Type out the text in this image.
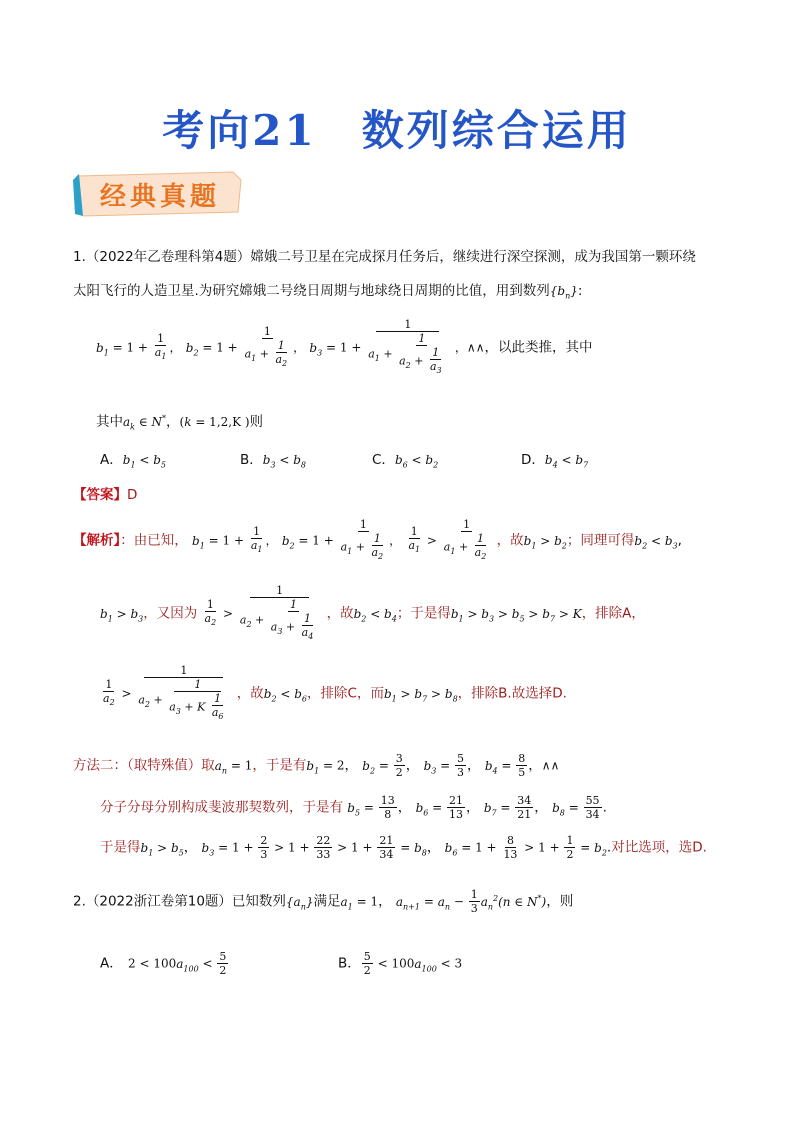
考向21　数列综合运用
经典真题
1.（2022年乙卷理科第4题）嫦娥二号卫星在完成探月任务后，继续进行深空探测，成为我国第一颗环绕
太阳飞行的人造卫星.为研究嫦娥二号绕日周期与地球绕日周期的比值，用到数列$\{b_n\}$:
$b_1 = 1 + \frac{1}{a_1}$ ， $b_2 = 1 + \frac{1}{a_1 + \frac{1}{a_2}}$ ， $b_3 = 1 + \frac{1}{a_1 + \frac{1}{a_2 + \frac{1}{a_3}}}$ ，∧∧，以此类推，其中
其中$a_k$ ∈ N*，(k = 1,2,K )则
A．$b_1 < b_5$	B．$b_3 < b_8$	C．$b_6 < b_2$	D．$b_4 < b_7$
【答案】D
【解析】：由已知， $b_1 = 1 + \frac{1}{a_1}$ ， $b_2 = 1 + \frac{1}{a_1 + \frac{1}{a_2}}$ ， $\frac{1}{a_1} > \frac{1}{a_1 + \frac{1}{a_2}}$ ，故$b_1 > b_2$；同理可得$b_2 < b_3$,
$b_1 > b_3$，又因为 $\frac{1}{a_2} > \frac{1}{a_2 + \frac{1}{a_3 + \frac{1}{a_4}}}$ ，故$b_2 < b_4$；于是得$b_1 > b_3 > b_5 > b_7 > K$，排除A，
$\frac{1}{a_2} > \frac{1}{a_2 + \frac{1}{a_3 + K \frac{1}{a_6}}}$ ，故$b_2 < b_6$，排除C，而$b_1 > b_7 > b_8$，排除B.故选择D.
方法二：（取特殊值）取$a_n = 1$，于是有$b_1 = 2$， $b_2 = \frac{3}{2}$ ， $b_3 = \frac{5}{3}$ ， $b_4 = \frac{8}{5}$ ，∧∧
分子分母分别构成斐波那契数列，于是有 $b_5 = \frac{13}{8}$ ， $b_6 = \frac{21}{13}$ ， $b_7 = \frac{34}{21}$ ， $b_8 = \frac{55}{34}$ .
于是得$b_1 > b_5$， $b_3 = 1 + \frac{2}{3} > 1 + \frac{22}{33} > 1 + \frac{21}{34} = b_8$， $b_6 = 1 + \frac{8}{13} > 1 + \frac{1}{2} = b_2$.对比选项，选D.
2.（2022浙江卷第10题）已知数列$\{a_n\}$满足$a_1 = 1$， $a_{n+1} = a_n - \frac{1}{3} a_n^2(n$ ∈ N*)，则
A．　$2 < 100a_{100} < \frac{5}{2}$	B． $\frac{5}{2} < 100a_{100} < 3$
